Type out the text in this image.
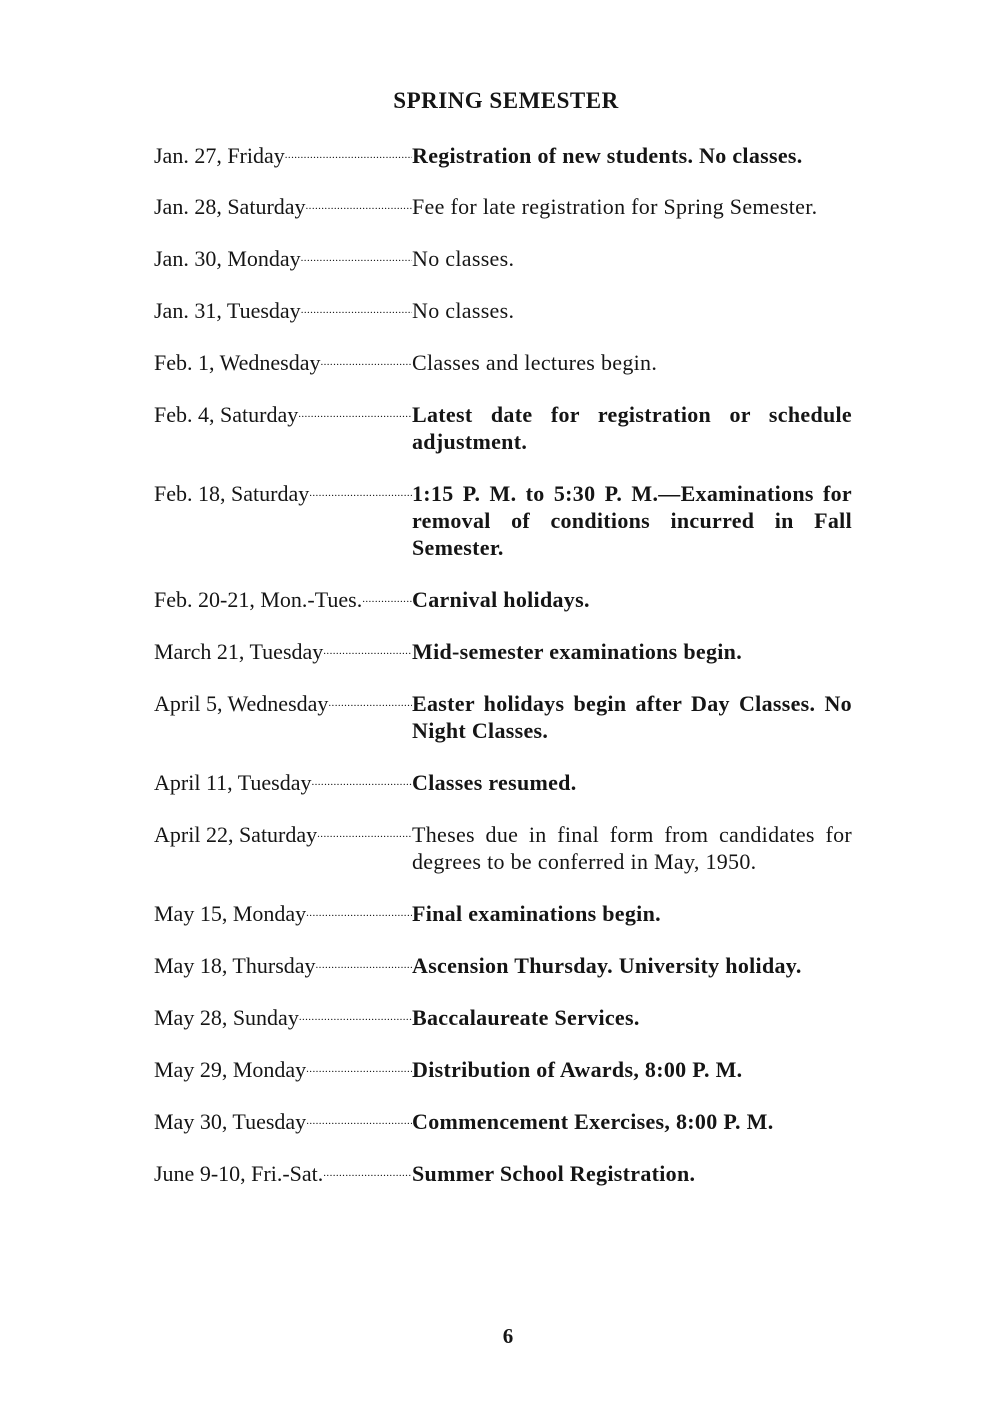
SPRING SEMESTER
Jan. 27, Friday .....	Registration of new students. No classes.
Jan. 28, Saturday .....	Fee for late registration for Spring Semester.
Jan. 30, Monday .....	No classes.
Jan. 31, Tuesday .....	No classes.
Feb. 1, Wednesday .....	Classes and lectures begin.
Feb. 4, Saturday .....	Latest date for registration or schedule adjustment.
Feb. 18, Saturday .....	1:15 P. M. to 5:30 P. M.—Examinations for removal of conditions incurred in Fall Semester.
Feb. 20-21, Mon.-Tues. ..... Carnival holidays.
March 21, Tuesday .....	Mid-semester examinations begin.
April 5, Wednesday .....	Easter holidays begin after Day Classes. No Night Classes.
April 11, Tuesday .....	Classes resumed.
April 22, Saturday .....	Theses due in final form from candidates for degrees to be conferred in May, 1950.
May 15, Monday .....	Final examinations begin.
May 18, Thursday .....	Ascension Thursday. University holiday.
May 28, Sunday .....	Baccalaureate Services.
May 29, Monday .....	Distribution of Awards, 8:00 P. M.
May 30, Tuesday .....	Commencement Exercises, 8:00 P. M.
June 9-10, Fri.-Sat. .....	Summer School Registration.
6
